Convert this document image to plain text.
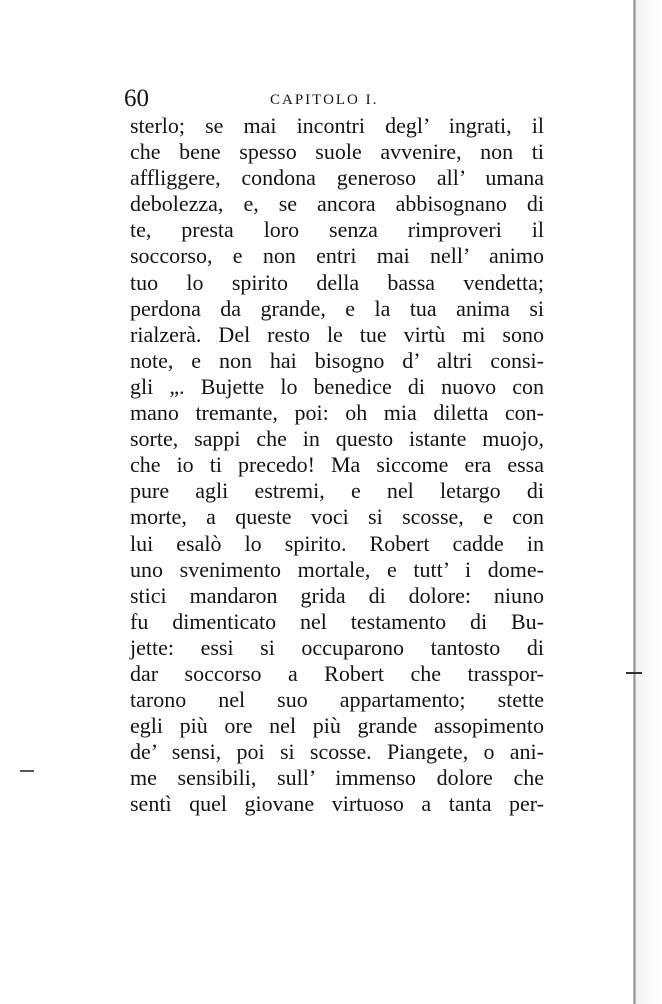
60	CAPITOLO I.
sterlo; se mai incontri degl’ ingrati, il
che bene spesso suole avvenire, non ti
affliggere, condona generoso all’ umana
debolezza, e, se ancora abbisognano di
te, presta loro senza rimproveri il
soccorso, e non entri mai nell’ animo
tuo lo spirito della bassa vendetta;
perdona da grande, e la tua anima si
rialzerà. Del resto le tue virtù mi sono
note, e non hai bisogno d’ altri consi-
gli „. Bujette lo benedice di nuovo con
mano tremante, poi: oh mia diletta con-
sorte, sappi che in questo istante muojo,
che io ti precedo! Ma siccome era essa
pure agli estremi, e nel letargo di
morte, a queste voci si scosse, e con
lui esalò lo spirito. Robert cadde in
uno svenimento mortale, e tutt’ i dome-
stici mandaron grida di dolore: niuno
fu dimenticato nel testamento di Bu-
jette: essi si occuparono tantosto di
dar soccorso a Robert che trasspor-
tarono nel suo appartamento; stette
egli più ore nel più grande assopimento
de’ sensi, poi si scosse. Piangete, o ani-
me sensibili, sull’ immenso dolore che
sentì quel giovane virtuoso a tanta per-
